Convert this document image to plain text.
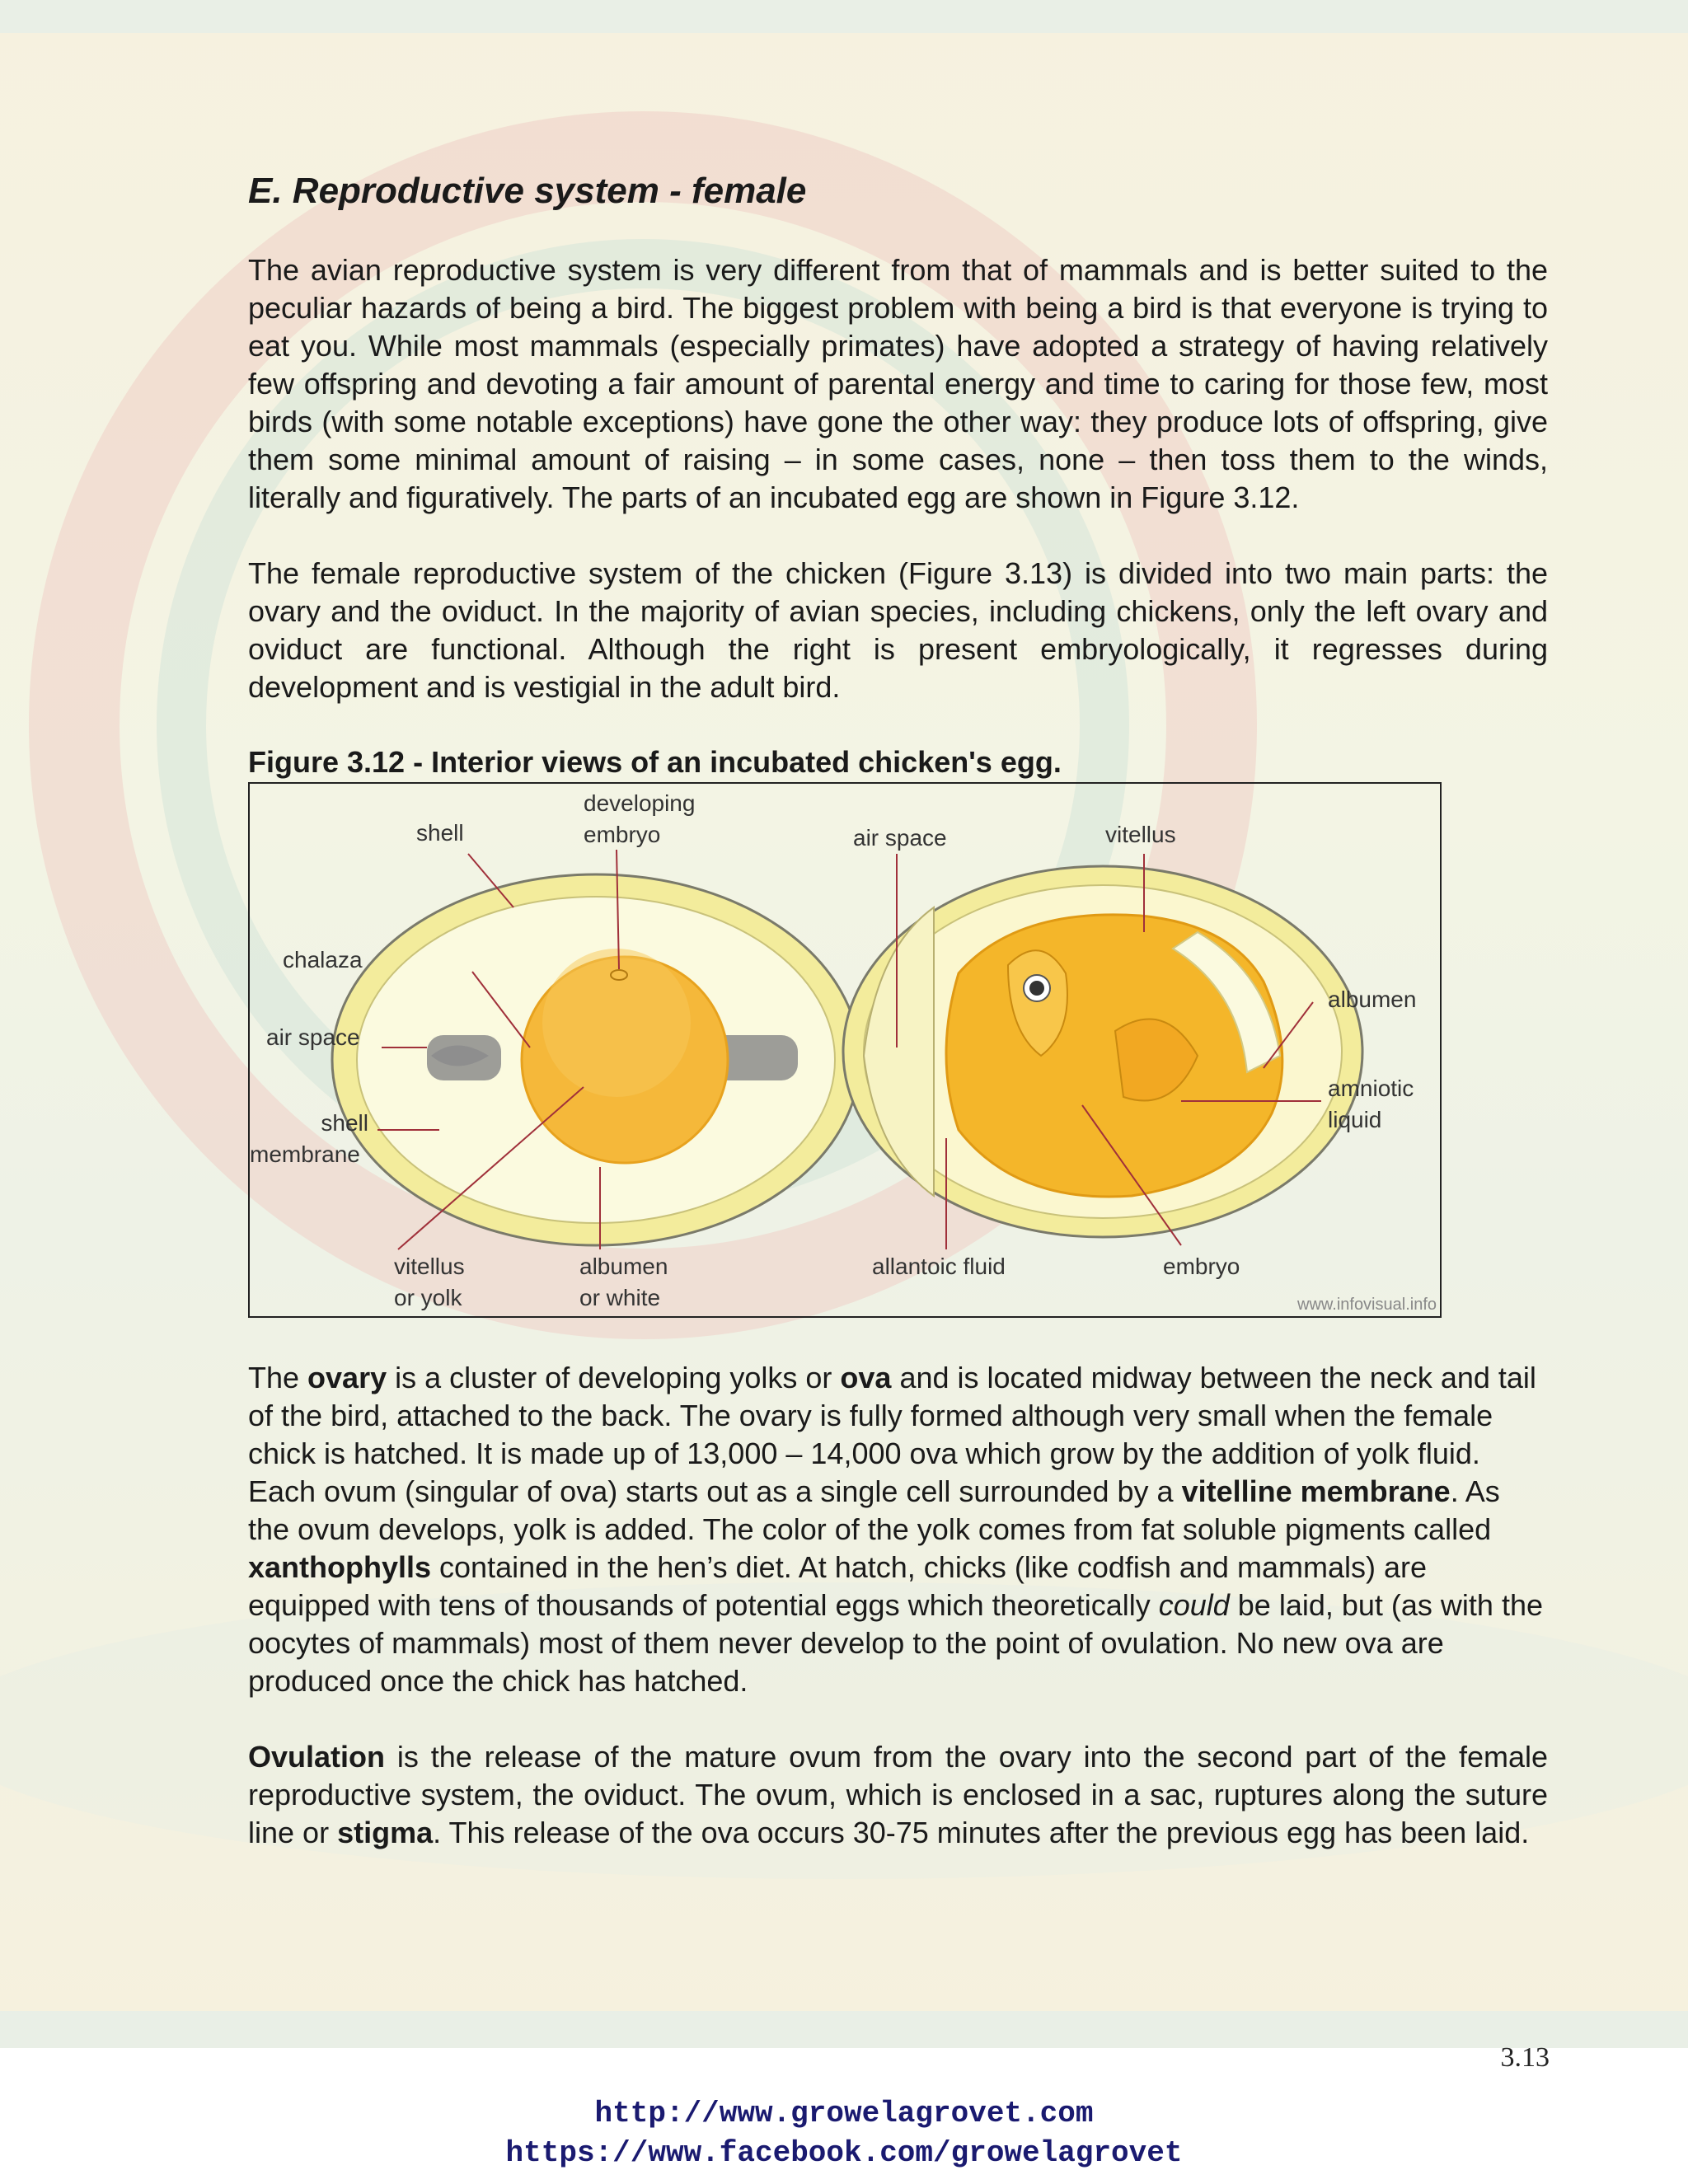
E. Reproductive system - female

The avian reproductive system is very different from that of mammals and is better suited to the peculiar hazards of being a bird. The biggest problem with being a bird is that everyone is trying to eat you. While most mammals (especially primates) have adopted a strategy of having relatively few offspring and devoting a fair amount of parental energy and time to caring for those few, most birds (with some notable exceptions) have gone the other way: they produce lots of offspring, give them some minimal amount of raising – in some cases, none – then toss them to the winds, literally and figuratively. The parts of an incubated egg are shown in Figure 3.12.

The female reproductive system of the chicken (Figure 3.13) is divided into two main parts: the ovary and the oviduct. In the majority of avian species, including chickens, only the left ovary and oviduct are functional. Although the right is present embryologically, it regresses during development and is vestigial in the adult bird.

Figure 3.12 - Interior views of an incubated chicken's egg.

shell
developing
embryo	air space	vitellus
chalaza
air space
shell
membrane
albumen
amniotic
liquid
vitellus
or yolk
albumen
or white
allantoic fluid	embryo
www.infovisual.info

The ovary is a cluster of developing yolks or ova and is located midway between the neck and tail of the bird, attached to the back. The ovary is fully formed although very small when the female chick is hatched. It is made up of 13,000 – 14,000 ova which grow by the addition of yolk fluid. Each ovum (singular of ova) starts out as a single cell surrounded by a vitelline membrane. As the ovum develops, yolk is added. The color of the yolk comes from fat soluble pigments called xanthophylls contained in the hen’s diet. At hatch, chicks (like codfish and mammals) are equipped with tens of thousands of potential eggs which theoretically could be laid, but (as with the oocytes of mammals) most of them never develop to the point of ovulation. No new ova are produced once the chick has hatched.

Ovulation is the release of the mature ovum from the ovary into the second part of the female reproductive system, the oviduct. The ovum, which is enclosed in a sac, ruptures along the suture line or stigma. This release of the ova occurs 30-75 minutes after the previous egg has been laid.

3.13
http://www.growelagrovet.com
https://www.facebook.com/growelagrovet
